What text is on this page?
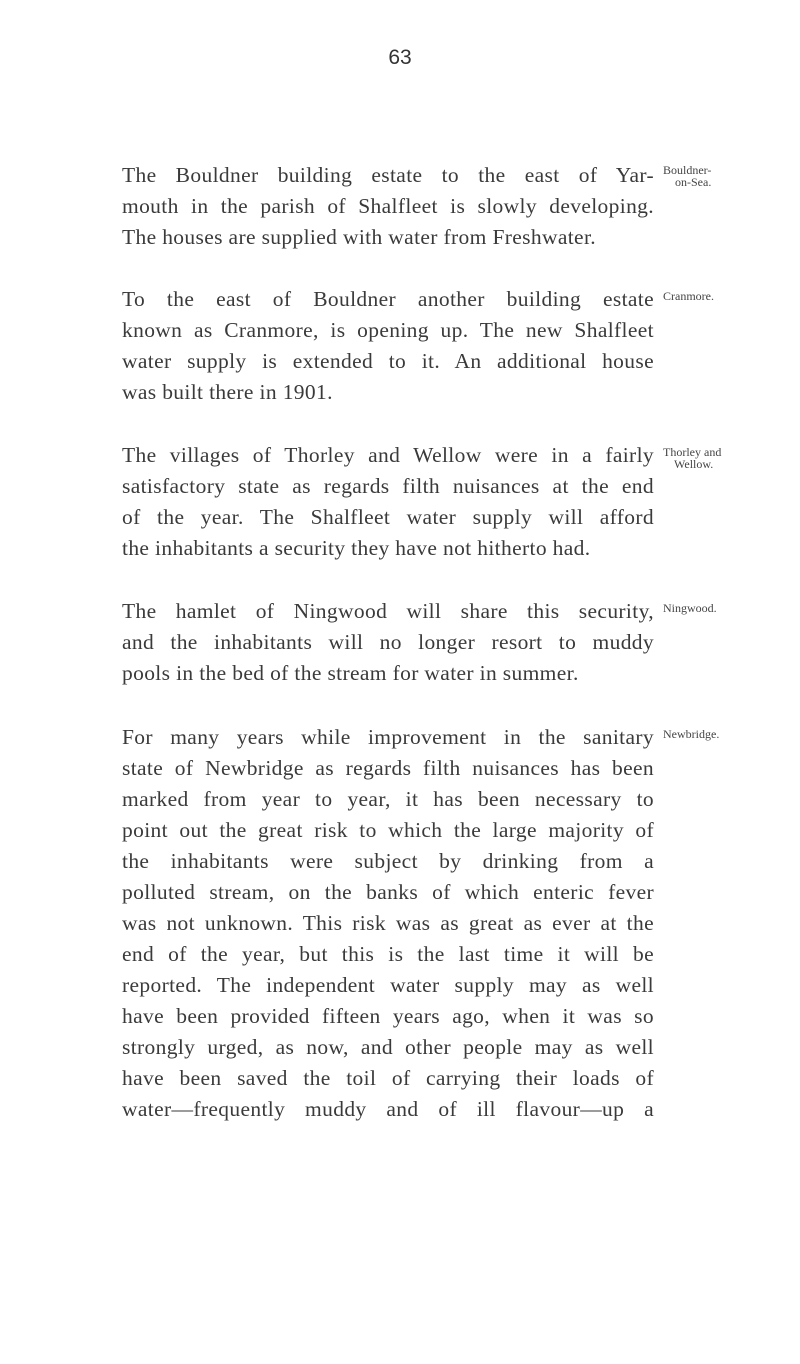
63
The Bouldner building estate to the east of Yar-
mouth in the parish of Shalfleet is slowly developing.
The houses are supplied with water from Freshwater.
Bouldner-
on-Sea.
To the east of Bouldner another building estate
known as Cranmore, is opening up. The new Shalfleet
water supply is extended to it. An additional house
was built there in 1901.
Cranmore.
The villages of Thorley and Wellow were in a fairly
satisfactory state as regards filth nuisances at the end
of the year. The Shalfleet water supply will afford
the inhabitants a security they have not hitherto had.
Thorley and
Wellow.
The hamlet of Ningwood will share this security,
and the inhabitants will no longer resort to muddy
pools in the bed of the stream for water in summer.
Ningwood.
For many years while improvement in the sanitary
state of Newbridge as regards filth nuisances has been
marked from year to year, it has been necessary to
point out the great risk to which the large majority of
the inhabitants were subject by drinking from a
polluted stream, on the banks of which enteric fever
was not unknown. This risk was as great as ever at the
end of the year, but this is the last time it will be
reported. The independent water supply may as well
have been provided fifteen years ago, when it was so
strongly urged, as now, and other people may as well
have been saved the toil of carrying their loads of
water—frequently muddy and of ill flavour—up a
Newbridge.
